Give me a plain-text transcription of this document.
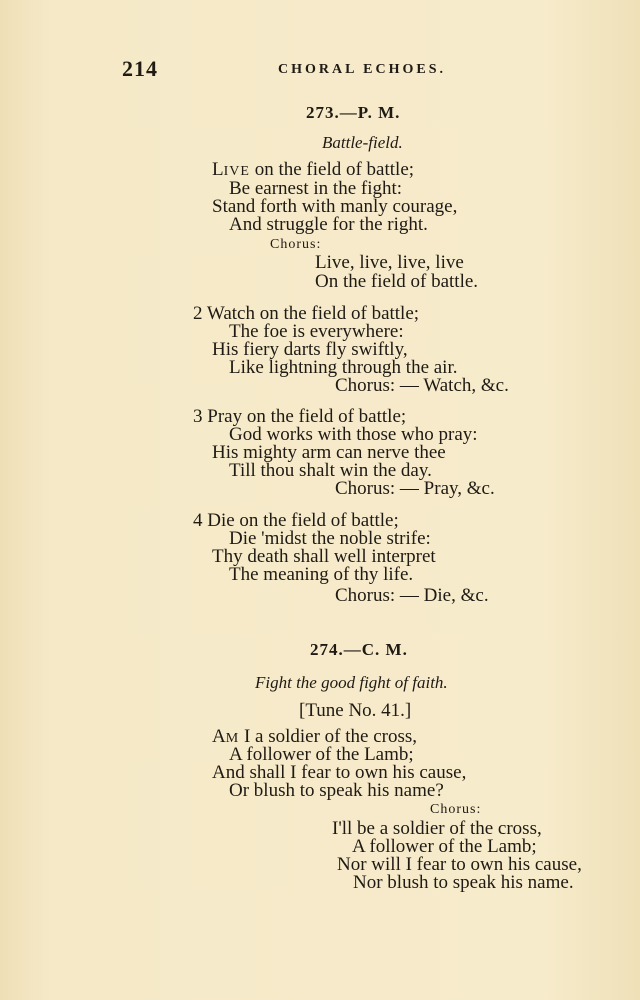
214	CHORAL ECHOES.
273.—P. M.
Battle-field.
LIVE on the field of battle;
Be earnest in the fight:
Stand forth with manly courage,
And struggle for the right.
Chorus:
Live, live, live, live
On the field of battle.
2 Watch on the field of battle;
The foe is everywhere:
His fiery darts fly swiftly,
Like lightning through the air.
Chorus: — Watch, &c.
3 Pray on the field of battle;
God works with those who pray:
His mighty arm can nerve thee
Till thou shalt win the day.
Chorus: — Pray, &c.
4 Die on the field of battle;
Die 'midst the noble strife:
Thy death shall well interpret
The meaning of thy life.
Chorus: — Die, &c.
274.—C. M.
Fight the good fight of faith.
[Tune No. 41.]
AM I a soldier of the cross,
A follower of the Lamb;
And shall I fear to own his cause,
Or blush to speak his name?
Chorus:
I'll be a soldier of the cross,
A follower of the Lamb;
Nor will I fear to own his cause,
Nor blush to speak his name.
